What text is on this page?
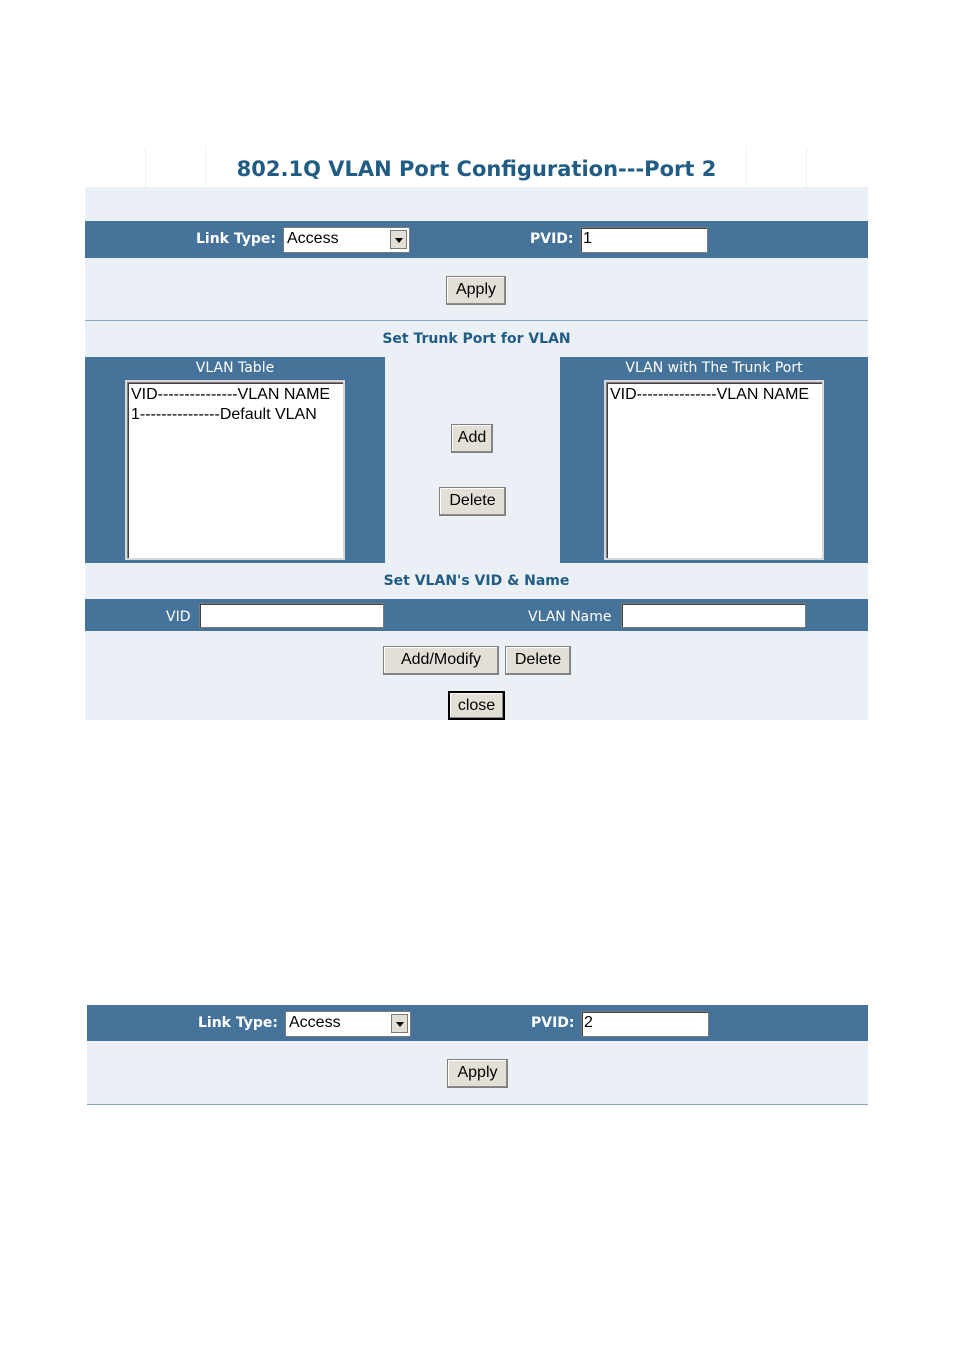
802.1Q VLAN Port Configuration---Port 2
Link Type: Access	PVID: 1
Apply
Set Trunk Port for VLAN
VLAN Table
VID---------------VLAN NAME
1---------------Default VLAN
VLAN with The Trunk Port
VID---------------VLAN NAME
Add
Delete
Set VLAN's VID & Name
VID	VLAN Name
Add/Modify	Delete
close
Link Type: Access	PVID: 2
Apply
